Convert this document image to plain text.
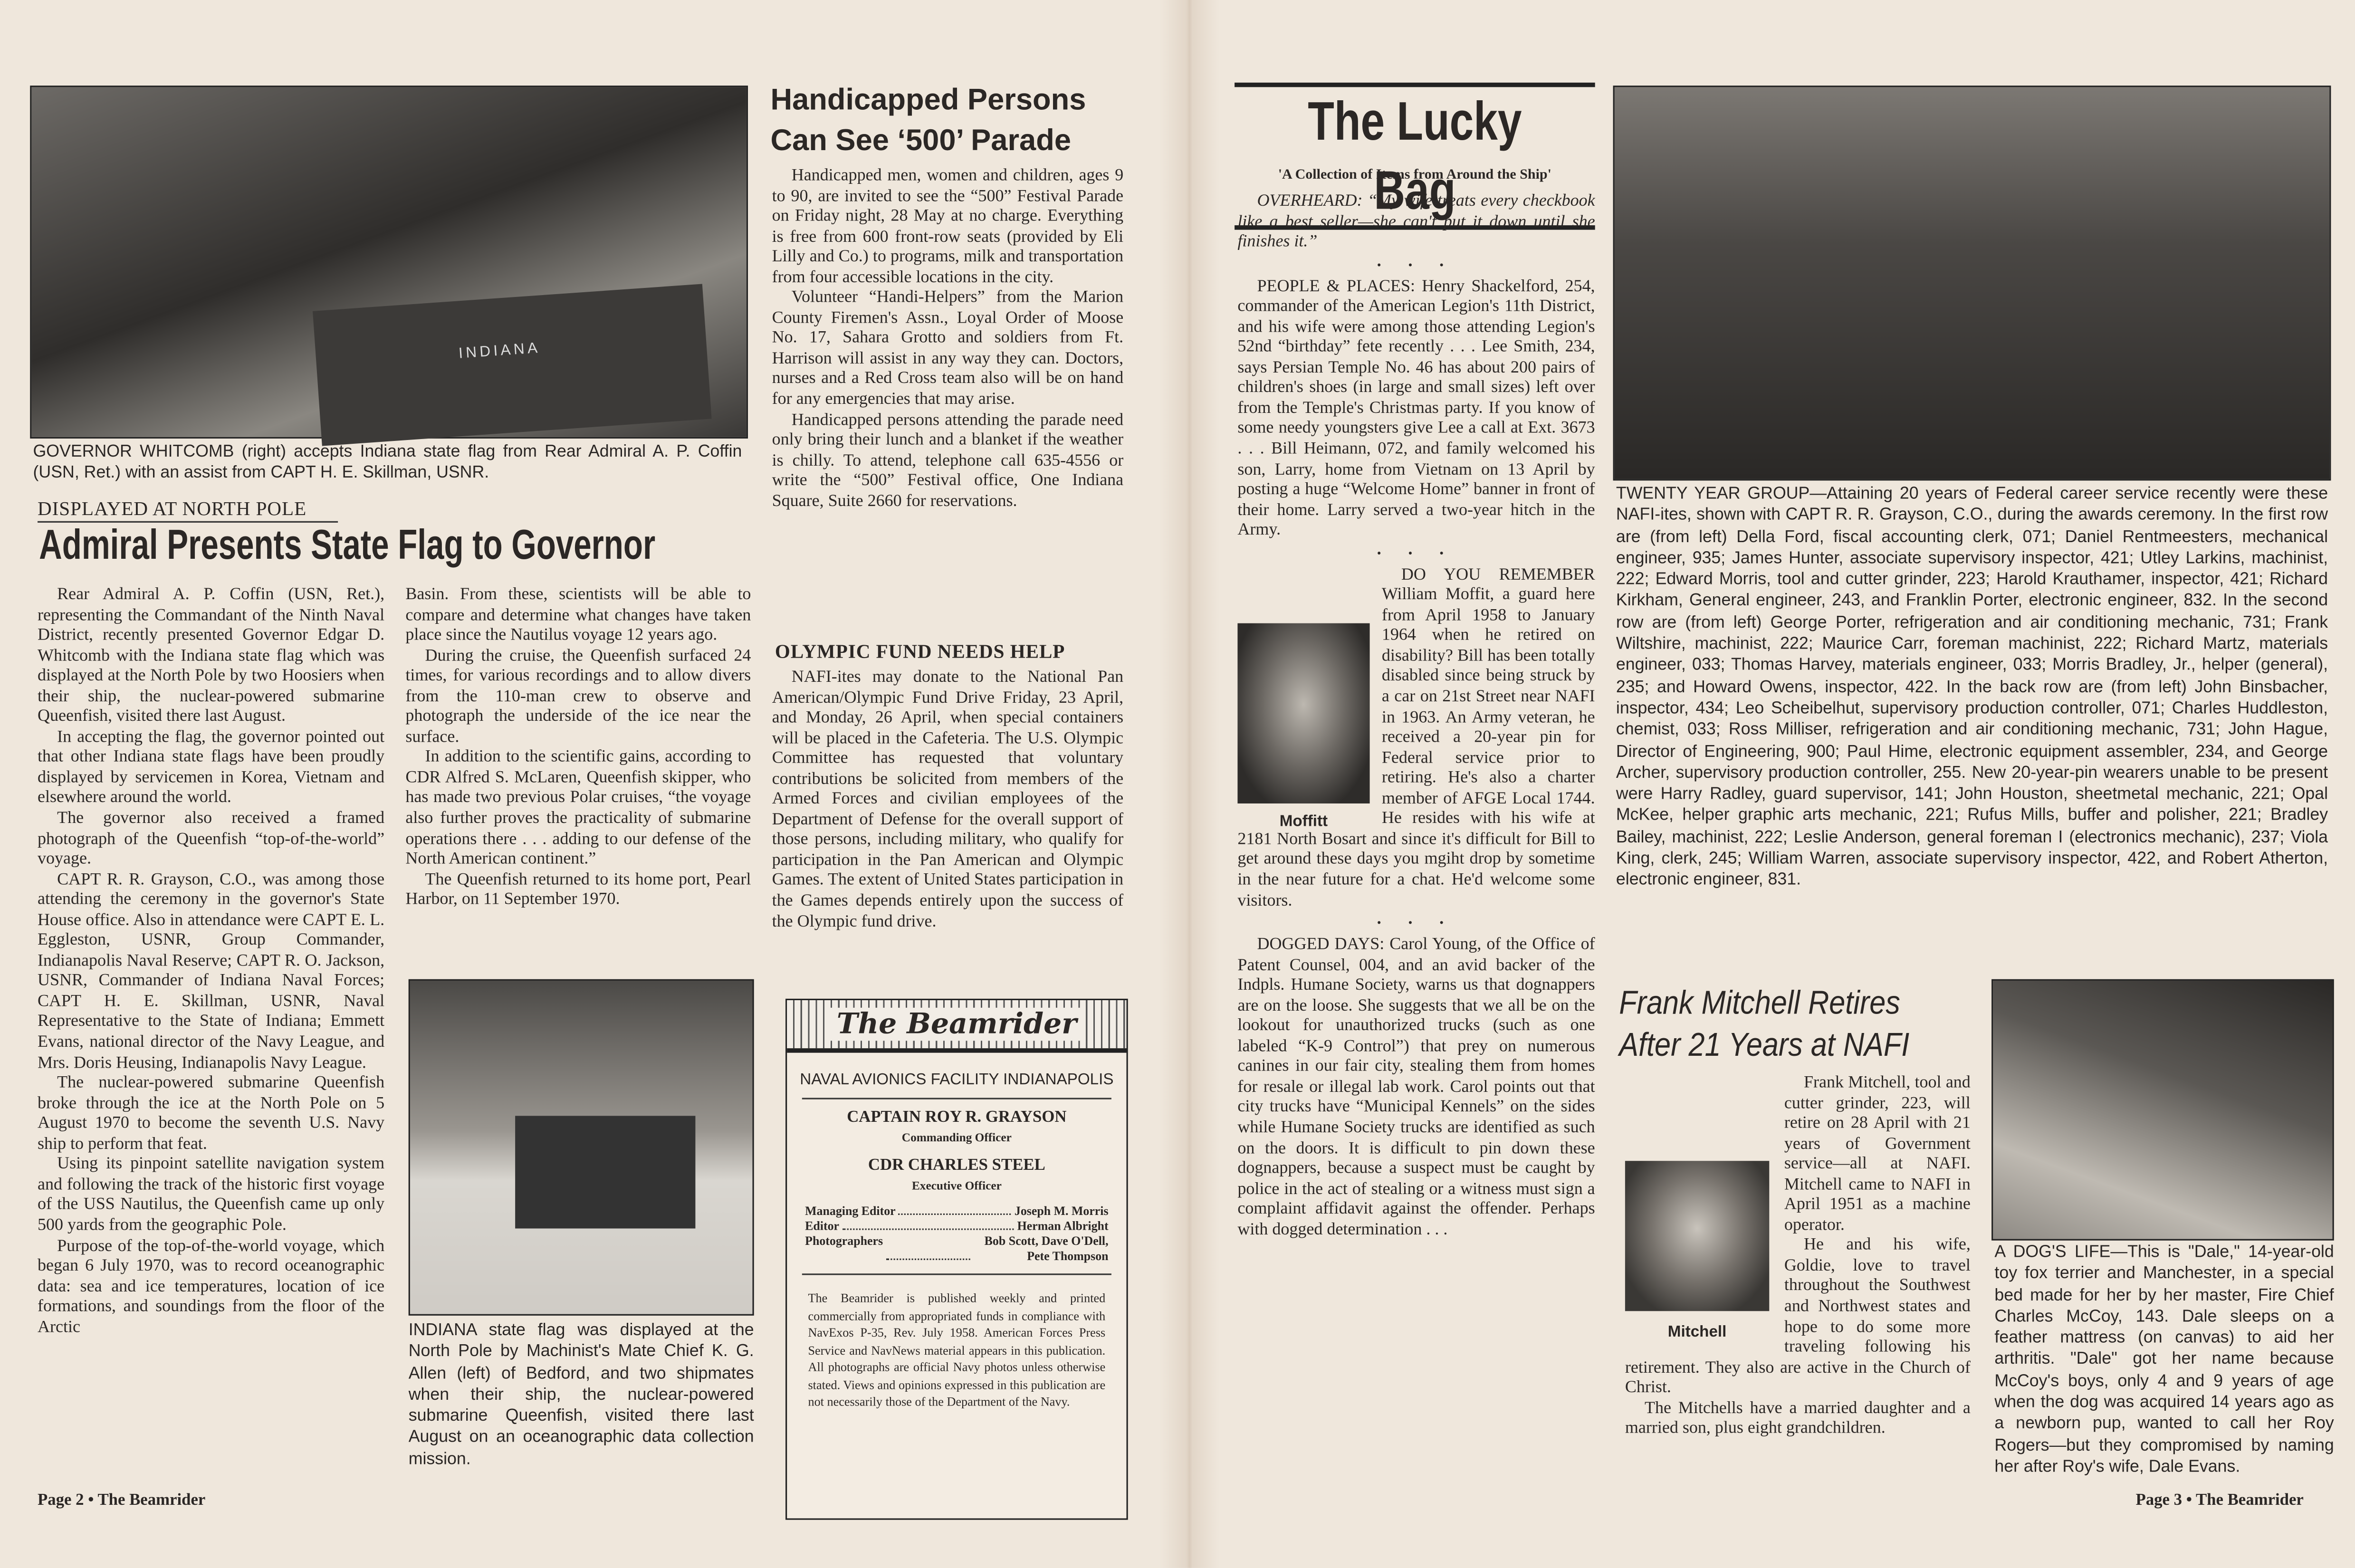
INDIANA
GOVERNOR WHITCOMB (right) accepts Indiana state flag from Rear Admiral A. P. Coffin (USN, Ret.) with an assist from CAPT H. E. Skillman, USNR.
DISPLAYED AT NORTH POLE
Admiral Presents State Flag to Governor

Rear Admiral A. P. Coffin (USN, Ret.), representing the Commandant of the Ninth Naval District, recently presented Governor Edgar D. Whitcomb with the Indiana state flag which was displayed at the North Pole by two Hoosiers when their ship, the nuclear-powered submarine Queenfish, visited there last August.

In accepting the flag, the governor pointed out that other Indiana state flags have been proudly displayed by servicemen in Korea, Vietnam and elsewhere around the world.

The governor also received a framed photograph of the Queenfish “top-of-the-world” voyage.

CAPT R. R. Grayson, C.O., was among those attending the ceremony in the governor's State House office. Also in attendance were CAPT E. L. Eggleston, USNR, Group Commander, Indianapolis Naval Reserve; CAPT R. O. Jackson, USNR, Commander of Indiana Naval Forces; CAPT H. E. Skillman, USNR, Naval Representative to the State of Indiana; Emmett Evans, national director of the Navy League, and Mrs. Doris Heusing, Indianapolis Navy League.

The nuclear-powered submarine Queenfish broke through the ice at the North Pole on 5 August 1970 to become the seventh U.S. Navy ship to perform that feat.

Using its pinpoint satellite navigation system and following the track of the historic first voyage of the USS Nautilus, the Queenfish came up only 500 yards from the geographic Pole.

Purpose of the top-of-the-world voyage, which began 6 July 1970, was to record oceanographic data: sea and ice temperatures, location of ice formations, and soundings from the floor of the Arctic

Basin. From these, scientists will be able to compare and determine what changes have taken place since the Nautilus voyage 12 years ago.

During the cruise, the Queenfish surfaced 24 times, for various recordings and to allow divers from the 110-man crew to observe and photograph the underside of the ice near the surface.

In addition to the scientific gains, according to CDR Alfred S. McLaren, Queenfish skipper, who has made two previous Polar cruises, “the voyage also further proves the practicality of submarine operations there . . . adding to our defense of the North American continent.”

The Queenfish returned to its home port, Pearl Harbor, on 11 September 1970.

INDIANA state flag was displayed at the North Pole by Machinist's Mate Chief K. G. Allen (left) of Bedford, and two shipmates when their ship, the nuclear-powered submarine Queenfish, visited there last August on an oceanographic data collection mission.
Handicapped Persons Can See ‘500’ Parade

Handicapped men, women and children, ages 9 to 90, are invited to see the “500” Festival Parade on Friday night, 28 May at no charge. Everything is free from 600 front-row seats (provided by Eli Lilly and Co.) to programs, milk and transportation from four accessible locations in the city.

Volunteer “Handi-Helpers” from the Marion County Firemen's Assn., Loyal Order of Moose No. 17, Sahara Grotto and soldiers from Ft. Harrison will assist in any way they can. Doctors, nurses and a Red Cross team also will be on hand for any emergencies that may arise.

Handicapped persons attending the parade need only bring their lunch and a blanket if the weather is chilly. To attend, telephone call 635-4556 or write the “500” Festival office, One Indiana Square, Suite 2660 for reservations.

OLYMPIC FUND NEEDS HELP

NAFI-ites may donate to the National Pan American/Olympic Fund Drive Friday, 23 April, and Monday, 26 April, when special containers will be placed in the Cafeteria. The U.S. Olympic Committee has requested that voluntary contributions be solicited from members of the Armed Forces and civilian employees of the Department of Defense for the overall support of those persons, including military, who qualify for participation in the Pan American and Olympic Games. The extent of United States participation in the Games depends entirely upon the success of the Olympic fund drive.

The Beamrider
NAVAL AVIONICS FACILITY INDIANAPOLIS
CAPTAIN ROY R. GRAYSON
Commanding Officer
CDR CHARLES STEEL
Executive Officer
Managing Editor	Joseph M. Morris
Editor	Herman Albright
Photographers	Bob Scott, Dave O'Dell, Pete Thompson
The Beamrider is published weekly and printed commercially from appropriated funds in compliance with NavExos P-35, Rev. July 1958. American Forces Press Service and NavNews material appears in this publication. All photographs are official Navy photos unless otherwise stated. Views and opinions expressed in this publication are not necessarily those of the Department of the Navy.
Page 2 • The Beamrider
The Lucky Bag
'A Collection of Items from Around the Ship'

OVERHEARD: “My wife treats every checkbook like a best seller—she can't put it down until she finishes it.”

• • •

PEOPLE & PLACES: Henry Shackelford, 254, commander of the American Legion's 11th District, and his wife were among those attending Legion's 52nd “birthday” fete recently . . . Lee Smith, 234, says Persian Temple No. 46 has about 200 pairs of children's shoes (in large and small sizes) left over from the Temple's Christmas party. If you know of some needy youngsters give Lee a call at Ext. 3673 . . . Bill Heimann, 072, and family welcomed his son, Larry, home from Vietnam on 13 April by posting a huge “Welcome Home” banner in front of their home. Larry served a two-year hitch in the Army.

• • •
Moffitt

DO YOU REMEMBER William Moffit, a guard here from April 1958 to January 1964 when he retired on disability? Bill has been totally disabled since being struck by a car on 21st Street near NAFI in 1963. An Army veteran, he received a 20-year pin for Federal service prior to retiring. He's also a charter member of AFGE Local 1744. He resides with his wife at 2181 North Bosart and since it's difficult for Bill to get around these days you mgiht drop by sometime in the near future for a chat. He'd welcome some visitors.

• • •

DOGGED DAYS: Carol Young, of the Office of Patent Counsel, 004, and an avid backer of the Indpls. Humane Society, warns us that dognappers are on the loose. She suggests that we all be on the lookout for unauthorized trucks (such as one labeled “K-9 Control”) that prey on numerous canines in our fair city, stealing them from homes for resale or illegal lab work. Carol points out that city trucks have “Municipal Kennels” on the sides while Humane Society trucks are identified as such on the doors. It is difficult to pin down these dognappers, because a suspect must be caught by police in the act of stealing or a witness must sign a complaint affidavit against the offender. Perhaps with dogged determination . . .

TWENTY YEAR GROUP—Attaining 20 years of Federal career service recently were these NAFI-ites, shown with CAPT R. R. Grayson, C.O., during the awards ceremony. In the first row are (from left) Della Ford, fiscal accounting clerk, 071; Daniel Rentmeesters, mechanical engineer, 935; James Hunter, associate supervisory inspector, 421; Utley Larkins, machinist, 222; Edward Morris, tool and cutter grinder, 223; Harold Krauthamer, inspector, 421; Richard Kirkham, General engineer, 243, and Franklin Porter, electronic engineer, 832. In the second row are (from left) George Porter, refrigeration and air conditioning mechanic, 731; Frank Wiltshire, machinist, 222; Maurice Carr, foreman machinist, 222; Richard Martz, materials engineer, 033; Thomas Harvey, materials engineer, 033; Morris Bradley, Jr., helper (general), 235; and Howard Owens, inspector, 422. In the back row are (from left) John Binsbacher, inspector, 434; Leo Scheibelhut, supervisory production controller, 071; Charles Huddleston, chemist, 033; Ross Milliser, refrigeration and air conditioning mechanic, 731; John Hague, Director of Engineering, 900; Paul Hime, electronic equipment assembler, 234, and George Archer, supervisory production controller, 255. New 20-year-pin wearers unable to be present were Harry Radley, guard supervisor, 141; John Houston, sheetmetal mechanic, 221; Opal McKee, helper graphic arts mechanic, 221; Rufus Mills, buffer and polisher, 221; Bradley Bailey, machinist, 222; Leslie Anderson, general foreman I (electronics mechanic), 237; Viola King, clerk, 245; William Warren, associate supervisory inspector, 422, and Robert Atherton, electronic engineer, 831.
Frank Mitchell Retires After 21 Years at NAFI
Mitchell

Frank Mitchell, tool and cutter grinder, 223, will retire on 28 April with 21 years of Government service—all at NAFI. Mitchell came to NAFI in April 1951 as a machine operator.

He and his wife, Goldie, love to travel throughout the Southwest and Northwest states and hope to do some more traveling following his retirement. They also are active in the Church of Christ.

The Mitchells have a married daughter and a married son, plus eight grandchildren.

A DOG'S LIFE—This is "Dale," 14-year-old toy fox terrier and Manchester, in a special bed made for her by her master, Fire Chief Charles McCoy, 143. Dale sleeps on a feather mattress (on canvas) to aid her arthritis. "Dale" got her name because McCoy's boys, only 4 and 9 years of age when the dog was acquired 14 years ago as a newborn pup, wanted to call her Roy Rogers—but they compromised by naming her after Roy's wife, Dale Evans.
Page 3 • The Beamrider
